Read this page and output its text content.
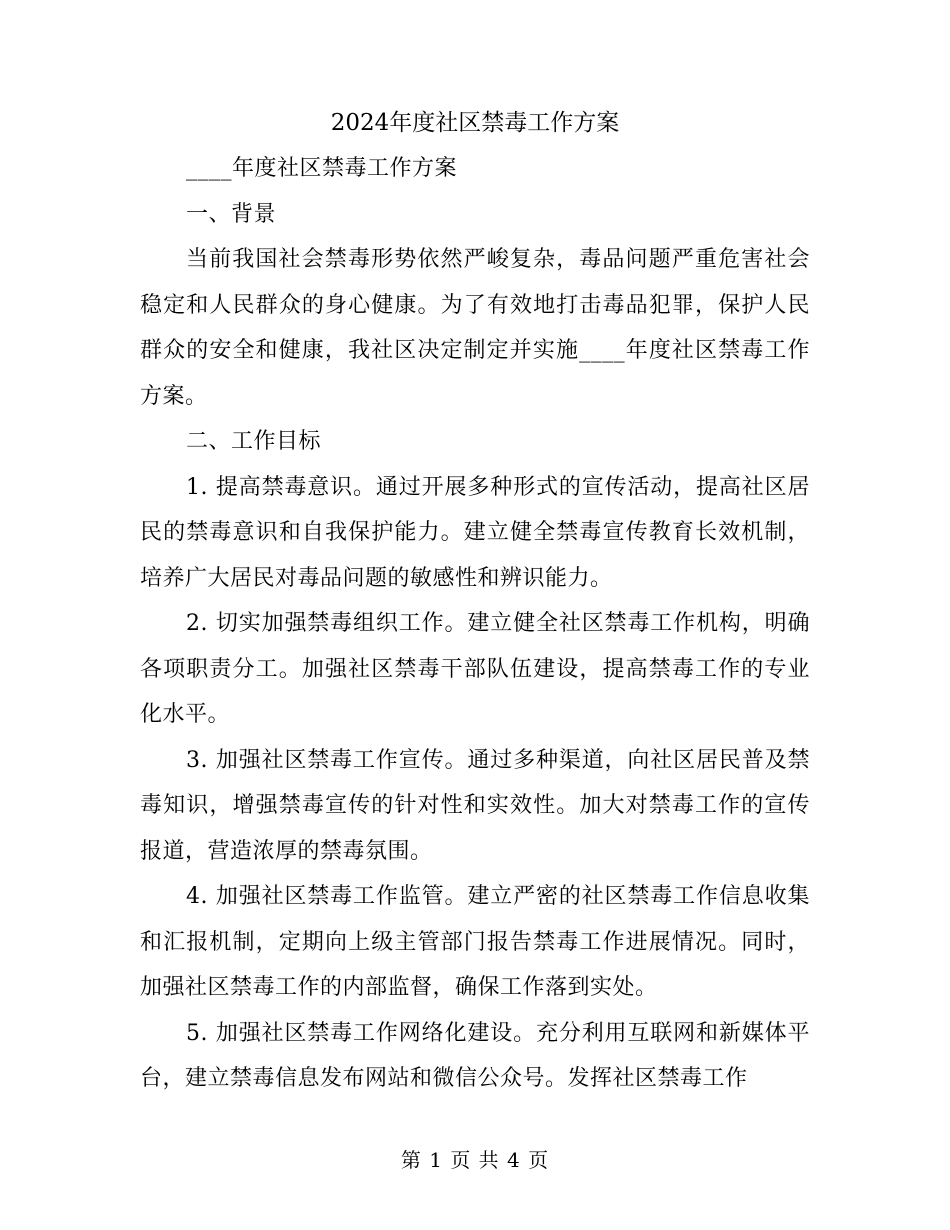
2024年度社区禁毒工作方案

____年度社区禁毒工作方案

一、背景

当前我国社会禁毒形势依然严峻复杂，毒品问题严重危害社会稳定和人民群众的身心健康。为了有效地打击毒品犯罪，保护人民群众的安全和健康，我社区决定制定并实施____年度社区禁毒工作方案。

二、工作目标

1. 提高禁毒意识。通过开展多种形式的宣传活动，提高社区居民的禁毒意识和自我保护能力。建立健全禁毒宣传教育长效机制，培养广大居民对毒品问题的敏感性和辨识能力。

2. 切实加强禁毒组织工作。建立健全社区禁毒工作机构，明确各项职责分工。加强社区禁毒干部队伍建设，提高禁毒工作的专业化水平。

3. 加强社区禁毒工作宣传。通过多种渠道，向社区居民普及禁毒知识，增强禁毒宣传的针对性和实效性。加大对禁毒工作的宣传报道，营造浓厚的禁毒氛围。

4. 加强社区禁毒工作监管。建立严密的社区禁毒工作信息收集和汇报机制，定期向上级主管部门报告禁毒工作进展情况。同时，加强社区禁毒工作的内部监督，确保工作落到实处。

5. 加强社区禁毒工作网络化建设。充分利用互联网和新媒体平台，建立禁毒信息发布网站和微信公众号。发挥社区禁毒工作

第 1 页 共 4 页
